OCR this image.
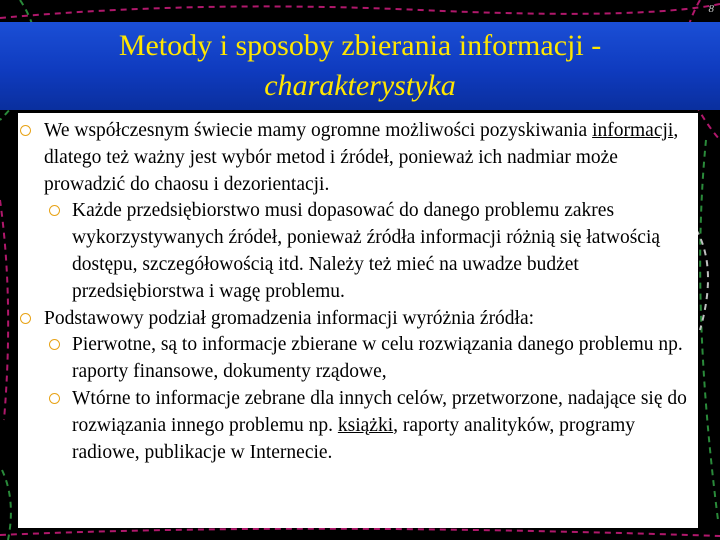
8
Metody i sposoby zbierania informacji -
charakterystyka
We współczesnym świecie mamy ogromne możliwości pozyskiwania informacji, dlatego też ważny jest wybór metod i źródeł, ponieważ ich nadmiar może prowadzić do chaosu i dezorientacji.
Każde przedsiębiorstwo musi dopasować do danego problemu zakres wykorzystywanych źródeł, ponieważ źródła informacji różnią się łatwością dostępu, szczegółowością itd. Należy też mieć na uwadze budżet przedsiębiorstwa i wagę problemu.
Podstawowy podział gromadzenia informacji wyróżnia źródła:
Pierwotne, są to informacje zbierane w celu rozwiązania danego problemu np. raporty finansowe, dokumenty rządowe,
Wtórne to informacje zebrane dla innych celów, przetworzone, nadające się do rozwiązania innego problemu np. książki, raporty analityków, programy radiowe, publikacje w Internecie.
